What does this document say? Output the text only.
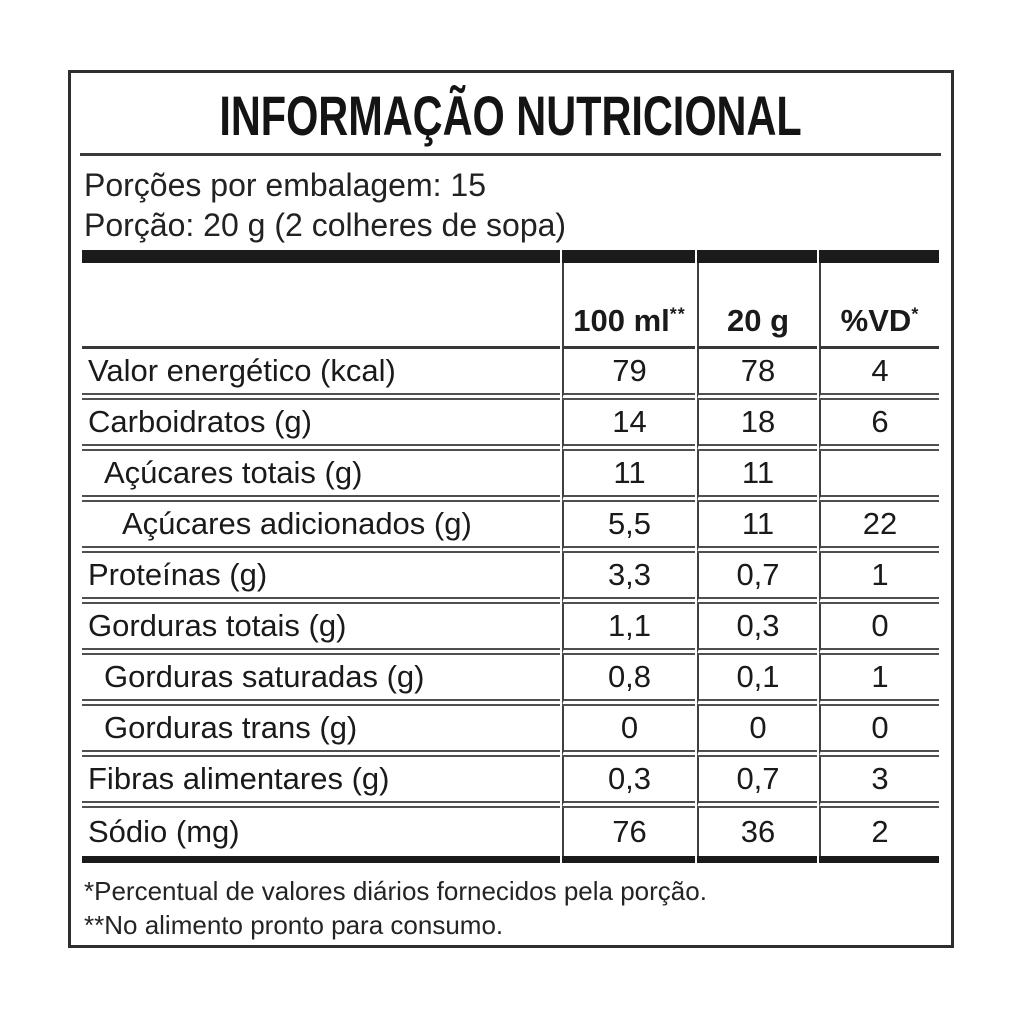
INFORMAÇÃO NUTRICIONAL
Porções por embalagem: 15
Porção: 20 g (2 colheres de sopa)

	100 ml**	20 g	%VD*
Valor energético (kcal)	79	78	4
Carboidratos (g)	14	18	6
Açúcares totais (g)	11	11	
Açúcares adicionados (g)	5,5	11	22
Proteínas (g)	3,3	0,7	1
Gorduras totais (g)	1,1	0,3	0
Gorduras saturadas (g)	0,8	0,1	1
Gorduras trans (g)	0	0	0
Fibras alimentares (g)	0,3	0,7	3
Sódio (mg)	76	36	2

*Percentual de valores diários fornecidos pela porção.
**No alimento pronto para consumo.
